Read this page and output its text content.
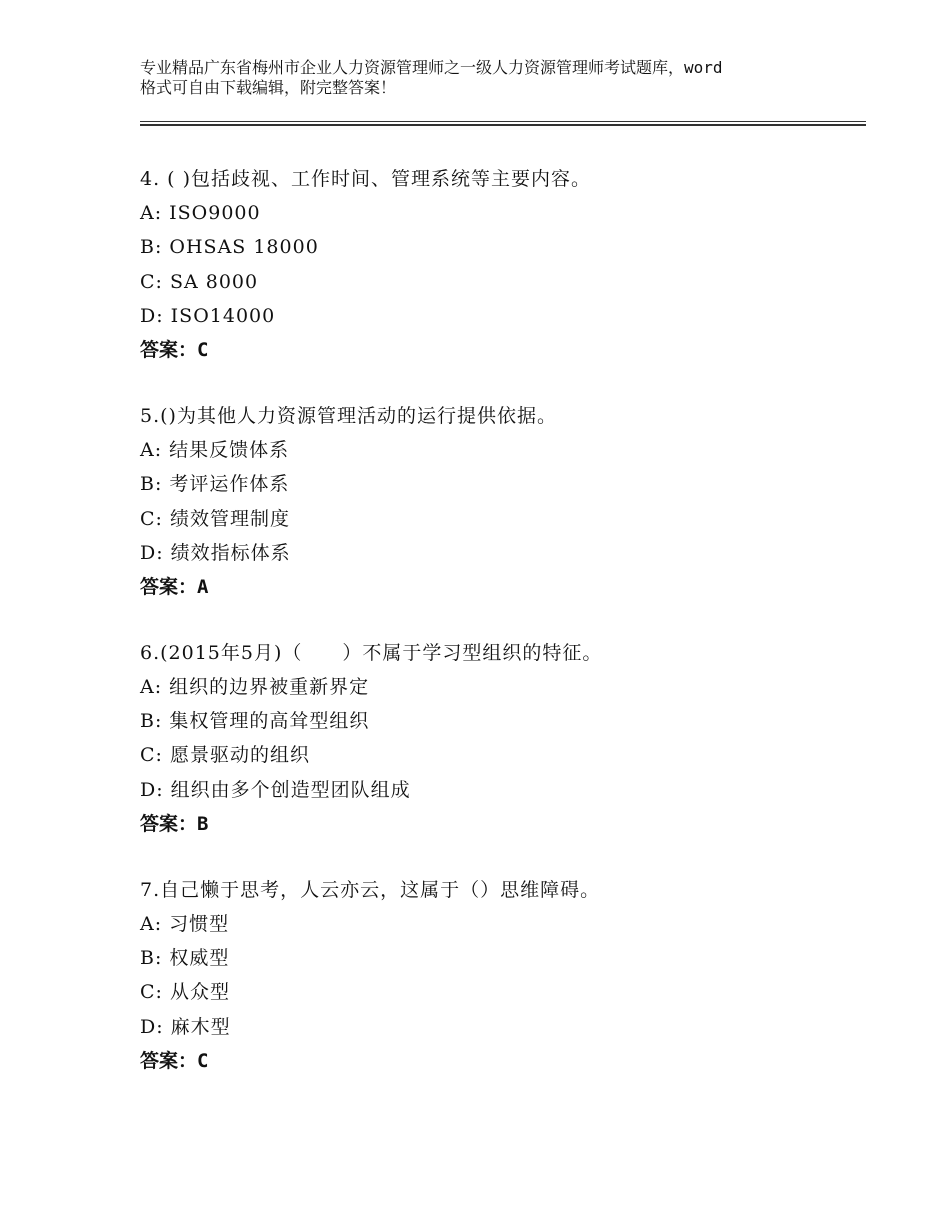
专业精品广东省梅州市企业人力资源管理师之一级人力资源管理师考试题库，word
格式可自由下载编辑，附完整答案！
4. ( )包括歧视、工作时间、管理系统等主要内容。
A: ISO9000
B: OHSAS 18000
C: SA 8000
D: ISO14000
答案：C
5.()为其他人力资源管理活动的运行提供依据。
A: 结果反馈体系
B: 考评运作体系
C: 绩效管理制度
D: 绩效指标体系
答案：A
6.(2015年5月)（　　）不属于学习型组织的特征。
A: 组织的边界被重新界定
B: 集权管理的高耸型组织
C: 愿景驱动的组织
D: 组织由多个创造型团队组成
答案：B
7.自己懒于思考，人云亦云，这属于（）思维障碍。
A: 习惯型
B: 权威型
C: 从众型
D: 麻木型
答案：C
